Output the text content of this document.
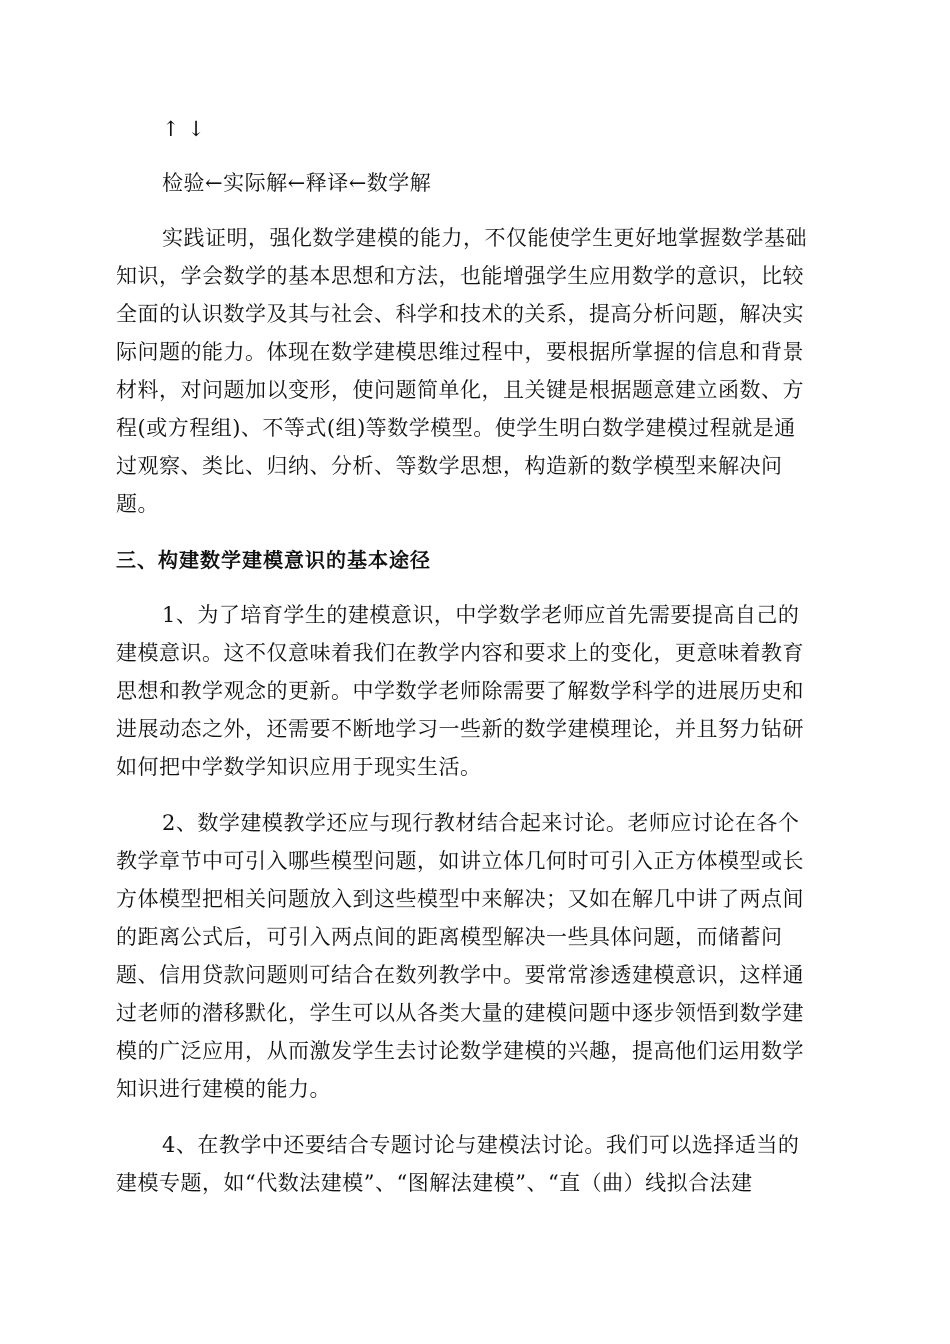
↑ ↓
检验←实际解←释译←数学解
实践证明，强化数学建模的能力，不仅能使学生更好地掌握数学基础
知识，学会数学的基本思想和方法，也能增强学生应用数学的意识，比较
全面的认识数学及其与社会、科学和技术的关系，提高分析问题，解决实
际问题的能力。体现在数学建模思维过程中，要根据所掌握的信息和背景
材料，对问题加以变形，使问题简单化，且关键是根据题意建立函数、方
程(或方程组)、不等式(组)等数学模型。使学生明白数学建模过程就是通
过观察、类比、归纳、分析、等数学思想，构造新的数学模型来解决问
题。
三、构建数学建模意识的基本途径
1、为了培育学生的建模意识，中学数学老师应首先需要提高自己的
建模意识。这不仅意味着我们在教学内容和要求上的变化，更意味着教育
思想和教学观念的更新。中学数学老师除需要了解数学科学的进展历史和
进展动态之外，还需要不断地学习一些新的数学建模理论，并且努力钻研
如何把中学数学知识应用于现实生活。
2、数学建模教学还应与现行教材结合起来讨论。老师应讨论在各个
教学章节中可引入哪些模型问题，如讲立体几何时可引入正方体模型或长
方体模型把相关问题放入到这些模型中来解决；又如在解几中讲了两点间
的距离公式后，可引入两点间的距离模型解决一些具体问题，而储蓄问
题、信用贷款问题则可结合在数列教学中。要常常渗透建模意识，这样通
过老师的潜移默化，学生可以从各类大量的建模问题中逐步领悟到数学建
模的广泛应用，从而激发学生去讨论数学建模的兴趣，提高他们运用数学
知识进行建模的能力。
4、在教学中还要结合专题讨论与建模法讨论。我们可以选择适当的
建模专题，如“代数法建模”、“图解法建模”、“直（曲）线拟合法建
